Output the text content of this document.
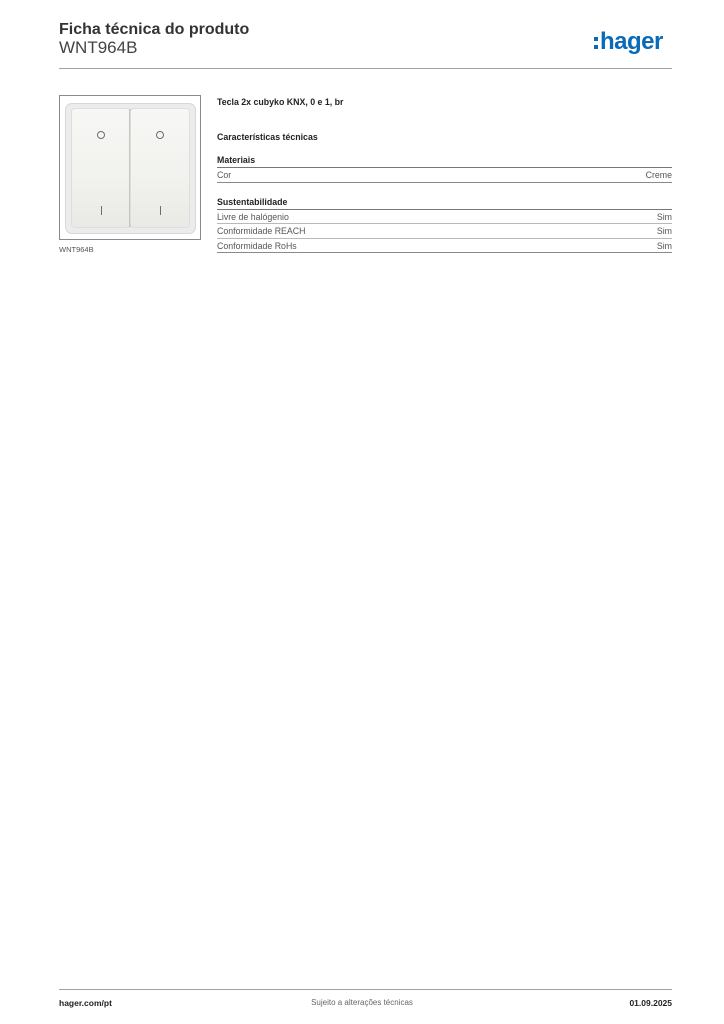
Ficha técnica do produto
WNT964B	hager
WNT964B
Tecla 2x cubyko KNX, 0 e 1, br
Características técnicas
Materiais
Cor	Creme
Sustentabilidade
Livre de halógenio	Sim
Conformidade REACH	Sim
Conformidade RoHs	Sim
hager.com/pt	Sujeito a alterações técnicas	01.09.2025
